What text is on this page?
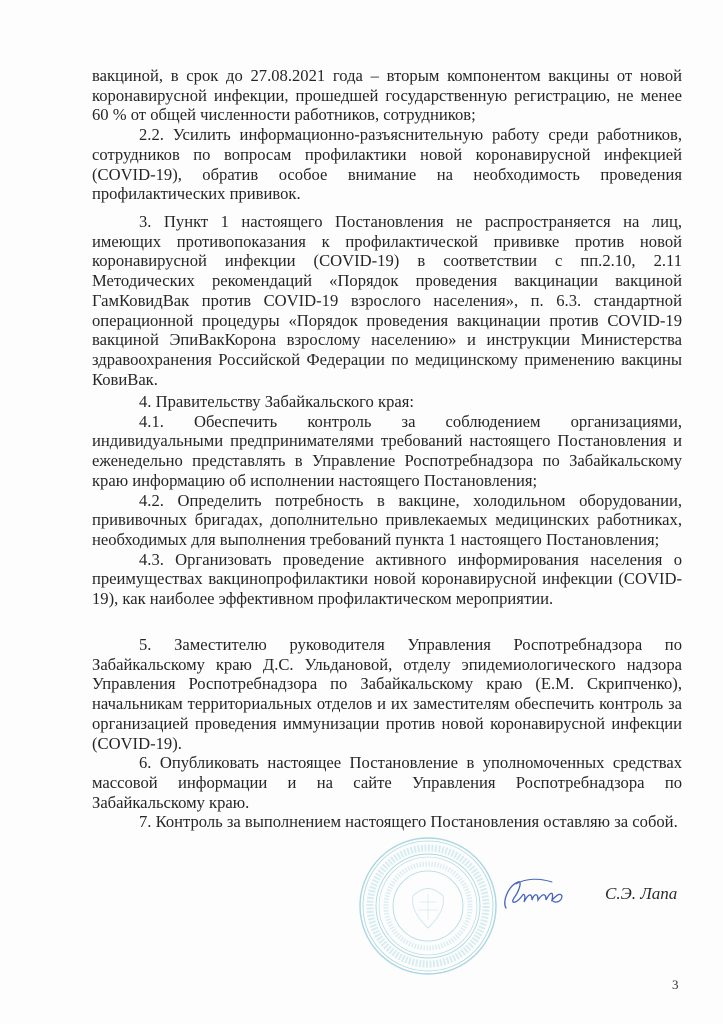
вакциной, в срок до 27.08.2021 года – вторым компонентом вакцины от новой коронавирусной инфекции, прошедшей государственную регистрацию, не менее 60 % от общей численности работников, сотрудников;

2.2. Усилить информационно-разъяснительную работу среди работников, сотрудников по вопросам профилактики новой коронавирусной инфекцией (COVID-19), обратив особое внимание на необходимость проведения профилактических прививок.

3. Пункт 1 настоящего Постановления не распространяется на лиц, имеющих противопоказания к профилактической прививке против новой коронавирусной инфекции (COVID-19) в соответствии с пп.2.10, 2.11 Методических рекомендаций «Порядок проведения вакцинации вакциной ГамКовидВак против COVID-19 взрослого населения», п. 6.3. стандартной операционной процедуры «Порядок проведения вакцинации против COVID-19 вакциной ЭпиВакКорона взрослому населению» и инструкции Министерства здравоохранения Российской Федерации по медицинскому применению вакцины КовиВак.

4. Правительству Забайкальского края:

4.1. Обеспечить контроль за соблюдением организациями, индивидуальными предпринимателями требований настоящего Постановления и еженедельно представлять в Управление Роспотребнадзора по Забайкальскому краю информацию об исполнении настоящего Постановления;

4.2. Определить потребность в вакцине, холодильном оборудовании, прививочных бригадах, дополнительно привлекаемых медицинских работниках, необходимых для выполнения требований пункта 1 настоящего Постановления;

4.3. Организовать проведение активного информирования населения о преимуществах вакцинопрофилактики новой коронавирусной инфекции (COVID-19), как наиболее эффективном профилактическом мероприятии.

5. Заместителю руководителя Управления Роспотребнадзора по Забайкальскому краю Д.С. Ульдановой, отделу эпидемиологического надзора Управления Роспотребнадзора по Забайкальскому краю (Е.М. Скрипченко), начальникам территориальных отделов и их заместителям обеспечить контроль за организацией проведения иммунизации против новой коронавирусной инфекции (COVID-19).

6. Опубликовать настоящее Постановление в уполномоченных средствах массовой информации и на сайте Управления Роспотребнадзора по Забайкальскому краю.

7. Контроль за выполнением настоящего Постановления оставляю за собой.

С.Э. Лапа
3
